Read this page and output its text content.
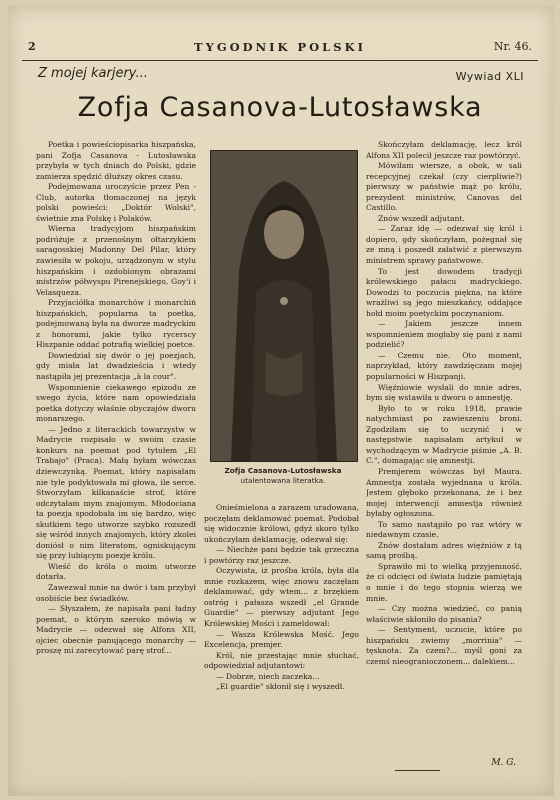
2	TYGODNIK POLSKI	Nr. 46.
Z mojej karjery...	Wywiad XLI
Zofja Casanova-Lutosławska

Poetka i powieściopisarka hiszpańska, pani Zofja Casanova - Lutosławska przybyła w tych dniach do Polski, gdzie zamierza spędzić dłuższy okres czasu.

Podejmowana uroczyście przez Pen - Club, autorka tłomaczonej na język polski powieści: „Doktór Wolski", świetnie zna Polskę i Polaków.

Wierna tradycyjom hiszpańskim podróżuje z przenośnym ołtarzykiem saragosskiej Madonny Del Pilar, który zawiesiła w pokoju, urządzonym w stylu hiszpańskim i ozdobionym obrazami mistrzów półwyspu Pirenejskiego, Goy'i i Velasqueza.

Przyjaciółka monarchów i monarchiń hiszpańskich, popularna ta poetka, podejmowaną była na dworze madryckim z honorami, jakie tylko rycerscy Hiszpanie oddać potrafią wielkiej poetce.

Dowiedział się dwór o jej poezjach, gdy miała lat dwadzieścia i wtedy nastąpiła jej prezentacja „à la cour".

Wspomnienie ciekawego epizodu ze swego życia, które nam opowiedziała poetka dotyczy właśnie obyczajów dworu monarszego.

— Jedno z literackich towarzystw w Madrycie rozpisało w swoim czasie konkurs na poemat pod tytułem „El Trabajo" (Praca). Małą byłam wówczas dziewczynką. Poemat, który napisałam nie tyle podyktowała mi głowa, ile serce. Stworzyłam kilkanaście strof, które odczytałam mym znajomym. Młodociana ta poezja spodobała im się bardzo, więc skutkiem tego utworze szybko rozszedł się wśród innych znajomych, który zkolei doniósł o nim literatom, ogniskującym się przy lubiącym poezje królu.

Wieść do króla o moim utworze dotarła.

Zawezwał mnie na dwór i tam przybył osobiście bez świadków.

— Słyszałem, że napisała pani ładny poemat, o którym szeroko mówią w Madrycie — odezwał się Alfons XII, ojciec obecnie panującego monarchy — proszę mi zarecytować parę strof...

Zofja Casanova-Lutosławska
utalentowana literatka.

Onieśmielona a zarazem uradowana, poczęłam deklamować poemat. Podobał się widocznie królowi, gdyż skoro tylko ukończyłam deklamację, odezwał się:

— Niechże pani będzie tak grzeczna i powtórzy raz jeszcze.

Oczywista, iż prośba króla, była dla mnie rozkazem, więc znowu zaczęłam deklamować, gdy wtem... z brzękiem ostróg i pałasza wszedł „el Grande Guardie" — pierwszy adjutant Jego Królewskiej Mości i zameldował:

— Wasza Królewska Mość. Jego Excelencja, premjer.

Król, nie przestając mnie słuchać, odpowiedział adjutantowi:

— Dobrze, niech zaczeka...

„El guardie" skłonił się i wyszedł.

Skończyłam deklamację, lecz król Alfons XII polecił jeszcze raz powtórzyć.

Mówiłam wiersze, a obok, w sali recepcyjnej czekał (czy cierpliwie?) pierwszy w państwie mąż po królu, prezydent ministrów, Canovas del Castillo.

Znów wszedł adjutant.

— Zaraz idę — odezwał się król i dopiero, gdy skończyłam, pożegnał się ze mną i poszedł załatwić z pierwszym ministrem sprawy państwowe.

To jest dowodem tradycji królewskiego pałacu madryckiego. Dowodzi to poczucia piękna, na które wrażliwi są jego mieszkańcy, oddające hołd moim poetyckim poczynaniom.

— Jakiem jeszcze innem wspomnieniem mogłaby się pani z nami podzielić?

— Czemu nie. Oto moment, naprzykład, który zawdzięczam mojej popularności w Hiszpanji.

Więźniowie wysłali do mnie adres, bym się wstawiła u dworu o amnestję.

Było to w roku 1918, prawie natychmiast po zawieszeniu broni. Zgodziłam się to uczynić i w następstwie napisałam artykuł w wychodzącym w Madrycie piśmie „A. B. C.", domagając się amnestji.

Premjerem wówczas był Maura. Amnestja została wyjednana u króla. Jestem głęboko przekonana, że i bez mojej interwencji amnestja również byłaby ogłoszona.

To samo nastąpiło po raz wtóry w niedawnym czasie.

Znów dostałam adres więźniów z tą samą prośbą.

Sprawiło mi to wielką przyjemność, że ci odcięci od świata ludzie pamiętają o mnie i do tego stopnia wierzą we mnie.

— Czy można wiedzieć, co panią właściwie skłoniło do pisania?

— Sentyment, uczucie, które po hiszpańsku zwiemy „morrinia" — tęsknota. Za czem?... myśl goni za czemś nieogranioczonem... dalekiem...

M. G.
